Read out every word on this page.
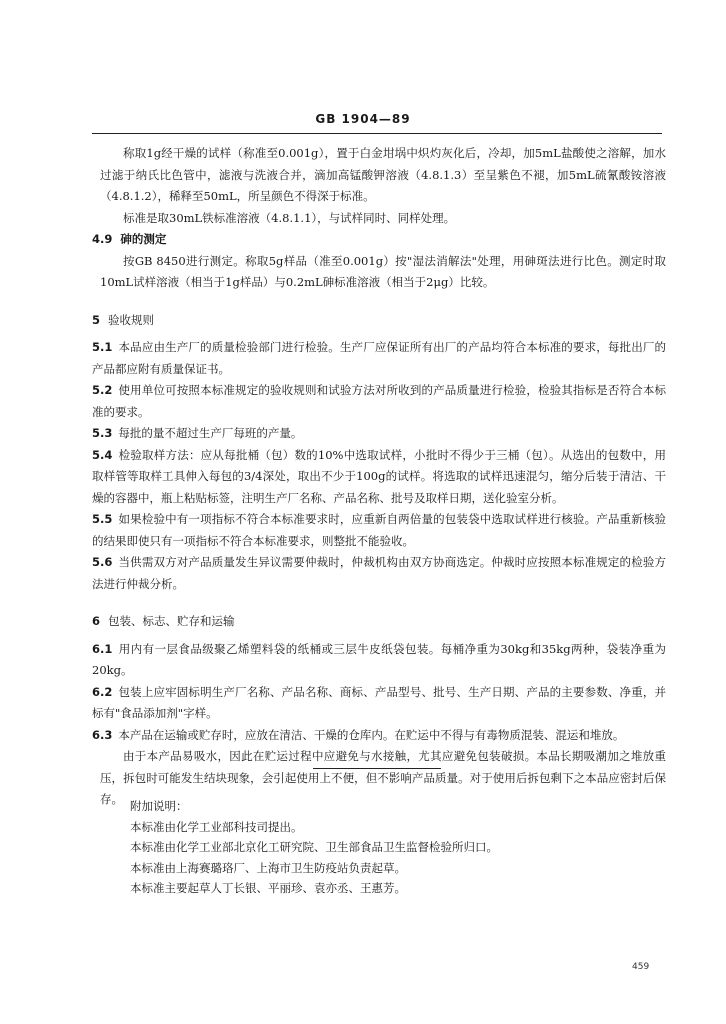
GB 1904—89

称取1g经干燥的试样（称准至0.001g），置于白金坩埚中炽灼灰化后，冷却，加5mL盐酸使之溶解，加水过滤于纳氏比色管中，滤液与洗液合并，滴加高锰酸钾溶液（4.8.1.3）至呈紫色不褪，加5mL硫氰酸铵溶液（4.8.1.2），稀释至50mL，所呈颜色不得深于标准。

标准是取30mL铁标准溶液（4.8.1.1），与试样同时、同样处理。

4.9 砷的测定

按GB 8450进行测定。称取5g样品（准至0.001g）按"湿法消解法"处理，用砷斑法进行比色。测定时取10mL试样溶液（相当于1g样品）与0.2mL砷标准溶液（相当于2μg）比较。

5 验收规则

5.1 本品应由生产厂的质量检验部门进行检验。生产厂应保证所有出厂的产品均符合本标准的要求，每批出厂的产品都应附有质量保证书。

5.2 使用单位可按照本标准规定的验收规则和试验方法对所收到的产品质量进行检验，检验其指标是否符合本标准的要求。

5.3 每批的量不超过生产厂每班的产量。

5.4 检验取样方法：应从每批桶（包）数的10%中选取试样，小批时不得少于三桶（包）。从选出的包数中，用取样管等取样工具伸入每包的3/4深处，取出不少于100g的试样。将选取的试样迅速混匀，缩分后装于清洁、干燥的容器中，瓶上粘贴标签，注明生产厂名称、产品名称、批号及取样日期，送化验室分析。

5.5 如果检验中有一项指标不符合本标准要求时，应重新自两倍量的包装袋中选取试样进行核验。产品重新核验的结果即使只有一项指标不符合本标准要求，则整批不能验收。

5.6 当供需双方对产品质量发生异议需要仲裁时，仲裁机构由双方协商选定。仲裁时应按照本标准规定的检验方法进行仲裁分析。

6 包装、标志、贮存和运输

6.1 用内有一层食品级聚乙烯塑料袋的纸桶或三层牛皮纸袋包装。每桶净重为30kg和35kg两种，袋装净重为20kg。

6.2 包装上应牢固标明生产厂名称、产品名称、商标、产品型号、批号、生产日期、产品的主要参数、净重，并标有"食品添加剂"字样。

6.3 本产品在运输或贮存时，应放在清洁、干燥的仓库内。在贮运中不得与有毒物质混装、混运和堆放。

由于本产品易吸水，因此在贮运过程中应避免与水接触，尤其应避免包装破损。本品长期吸潮加之堆放重压，拆包时可能发生结块现象，会引起使用上不便，但不影响产品质量。对于使用后拆包剩下之本品应密封后保存。 附加说明：

本标准由化学工业部科技司提出。

本标准由化学工业部北京化工研究院、卫生部食品卫生监督检验所归口。

本标准由上海赛璐珞厂、上海市卫生防疫站负责起草。

本标准主要起草人丁长银、平丽珍、袁亦丞、王惠芳。

459
